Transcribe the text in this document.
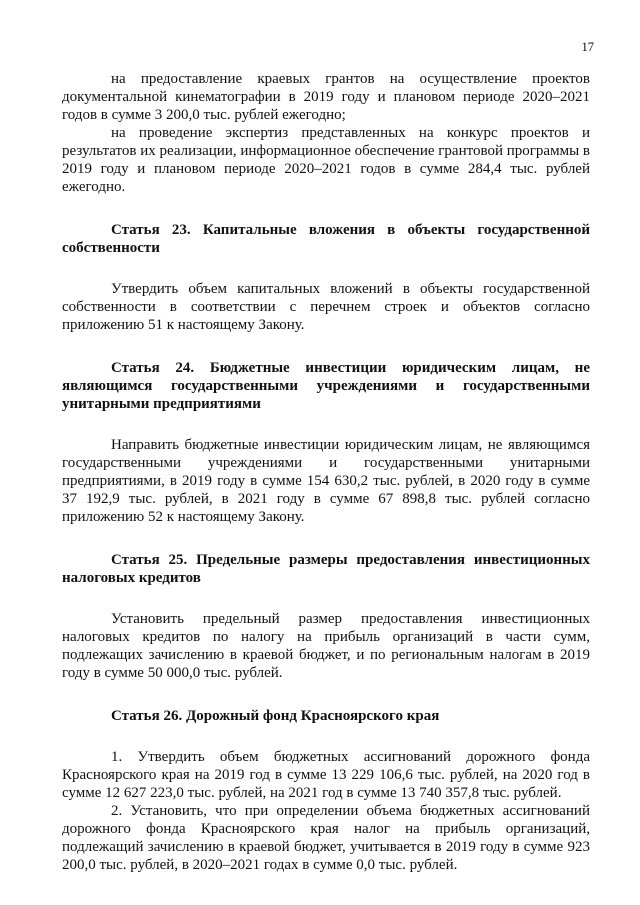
17

на предоставление краевых грантов на осуществление проектов документальной кинематографии в 2019 году и плановом периоде 2020–2021 годов в сумме 3 200,0 тыс. рублей ежегодно;

на проведение экспертиз представленных на конкурс проектов и результатов их реализации, информационное обеспечение грантовой программы в 2019 году и плановом периоде 2020–2021 годов в сумме 284,4 тыс. рублей ежегодно.

Статья 23. Капитальные вложения в объекты государственной собственности

Утвердить объем капитальных вложений в объекты государственной собственности в соответствии с перечнем строек и объектов согласно приложению 51 к настоящему Закону.

Статья 24. Бюджетные инвестиции юридическим лицам, не являющимся государственными учреждениями и государственными унитарными предприятиями

Направить бюджетные инвестиции юридическим лицам, не являющимся государственными учреждениями и государственными унитарными предприятиями, в 2019 году в сумме 154 630,2 тыс. рублей, в 2020 году в сумме 37 192,9 тыс. рублей, в 2021 году в сумме 67 898,8 тыс. рублей согласно приложению 52 к настоящему Закону.

Статья 25. Предельные размеры предоставления инвестиционных налоговых кредитов

Установить предельный размер предоставления инвестиционных налоговых кредитов по налогу на прибыль организаций в части сумм, подлежащих зачислению в краевой бюджет, и по региональным налогам в 2019 году в сумме 50 000,0 тыс. рублей.

Статья 26. Дорожный фонд Красноярского края

1. Утвердить объем бюджетных ассигнований дорожного фонда Красноярского края на 2019 год в сумме 13 229 106,6 тыс. рублей, на 2020 год в сумме 12 627 223,0 тыс. рублей, на 2021 год в сумме 13 740 357,8 тыс. рублей.

2. Установить, что при определении объема бюджетных ассигнований дорожного фонда Красноярского края налог на прибыль организаций, подлежащий зачислению в краевой бюджет, учитывается в 2019 году в сумме 923 200,0 тыс. рублей, в 2020–2021 годах в сумме 0,0 тыс. рублей.
